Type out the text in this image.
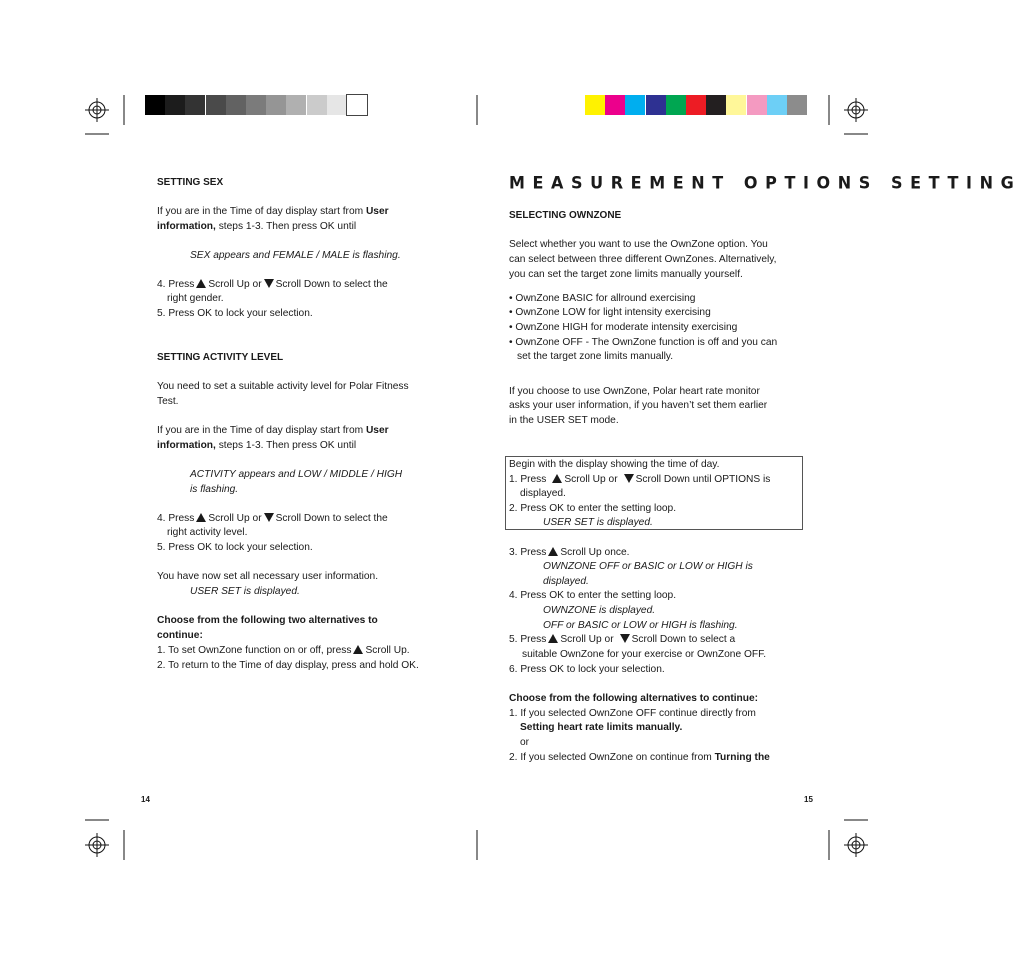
SETTING SEX
If you are in the Time of day display start from User
information, steps 1-3. Then press OK until
SEX appears and FEMALE / MALE is flashing.
4. Press Scroll Up or Scroll Down to select the
right gender.
5. Press OK to lock your selection.
SETTING ACTIVITY LEVEL
You need to set a suitable activity level for Polar Fitness
Test.
If you are in the Time of day display start from User
information, steps 1-3. Then press OK until
ACTIVITY appears and LOW / MIDDLE / HIGH
is flashing.
4. Press Scroll Up or Scroll Down to select the
right activity level.
5. Press OK to lock your selection.
You have now set all necessary user information.
USER SET is displayed.
Choose from the following two alternatives to
continue:
1. To set OwnZone function on or off, press Scroll Up.
2. To return to the Time of day display, press and hold OK.
14
MEASUREMENT OPTIONS SETTING
SELECTING OWNZONE
Select whether you want to use the OwnZone option. You
can select between three different OwnZones. Alternatively,
you can set the target zone limits manually yourself.
• OwnZone BASIC for allround exercising
• OwnZone LOW for light intensity exercising
• OwnZone HIGH for moderate intensity exercising
• OwnZone OFF - The OwnZone function is off and you can
set the target zone limits manually.
If you choose to use OwnZone, Polar heart rate monitor
asks your user information, if you haven’t set them earlier
in the USER SET mode.
Begin with the display showing the time of day.
1. Press Scroll Up or Scroll Down until OPTIONS is
displayed.
2. Press OK to enter the setting loop.
USER SET is displayed.
3. Press Scroll Up once.
OWNZONE OFF or BASIC or LOW or HIGH is
displayed.
4. Press OK to enter the setting loop.
OWNZONE is displayed.
OFF or BASIC or LOW or HIGH is flashing.
5. Press Scroll Up or Scroll Down to select a
suitable OwnZone for your exercise or OwnZone OFF.
6. Press OK to lock your selection.
Choose from the following alternatives to continue:
1. If you selected OwnZone OFF continue directly from
Setting heart rate limits manually.
or
2. If you selected OwnZone on continue from Turning the
15
